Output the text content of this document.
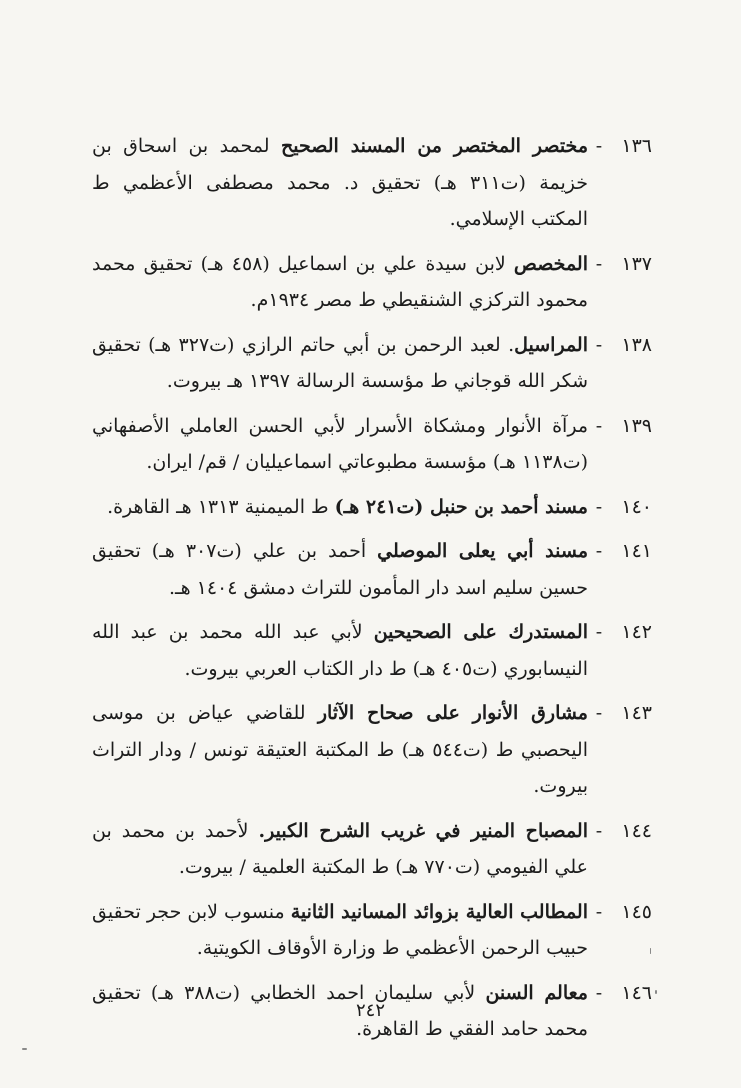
١٣٦
-
مختصر المختصر من المسند الصحيح لمحمد بن اسحاق بن خزيمة (ت٣١١ هـ) تحقيق د. محمد مصطفى الأعظمي ط المكتب الإسلامي.
١٣٧
-
المخصص لابن سيدة علي بن اسماعيل (٤٥٨ هـ) تحقيق محمد محمود التركزي الشنقيطي ط مصر ١٩٣٤م.
١٣٨
-
المراسيل. لعبد الرحمن بن أبي حاتم الرازي (ت٣٢٧ هـ) تحقيق شكر الله قوجاني ط مؤسسة الرسالة ١٣٩٧ هـ بيروت.
١٣٩
-
مرآة الأنوار ومشكاة الأسرار لأبي الحسن العاملي الأصفهاني (ت١١٣٨ هـ) مؤسسة مطبوعاتي اسماعيليان / قم/ ايران.
١٤٠
-
مسند أحمد بن حنبل (ت٢٤١ هـ) ط الميمنية ١٣١٣ هـ القاهرة.
١٤١
-
مسند أبي يعلى الموصلي أحمد بن علي (ت٣٠٧ هـ) تحقيق حسين سليم اسد دار المأمون للتراث دمشق ١٤٠٤ هـ.
١٤٢
-
المستدرك على الصحيحين لأبي عبد الله محمد بن عبد الله النيسابوري (ت٤٠٥ هـ) ط دار الكتاب العربي بيروت.
١٤٣
-
مشارق الأنوار على صحاح الآثار للقاضي عياض بن موسى اليحصبي ط (ت٥٤٤ هـ) ط المكتبة العتيقة تونس / ودار التراث بيروت.
١٤٤
-
المصباح المنير في غريب الشرح الكبير. لأحمد بن محمد بن علي الفيومي (ت٧٧٠ هـ) ط المكتبة العلمية / بيروت.
١٤٥
-
المطالب العالية بزوائد المسانيد الثانية منسوب لابن حجر تحقيق حبيب الرحمن الأعظمي ط وزارة الأوقاف الكويتية.
١٤٦
-
معالم السنن لأبي سليمان احمد الخطابي (ت٣٨٨ هـ) تحقيق محمد حامد الفقي ط القاهرة.
٢٤٢
